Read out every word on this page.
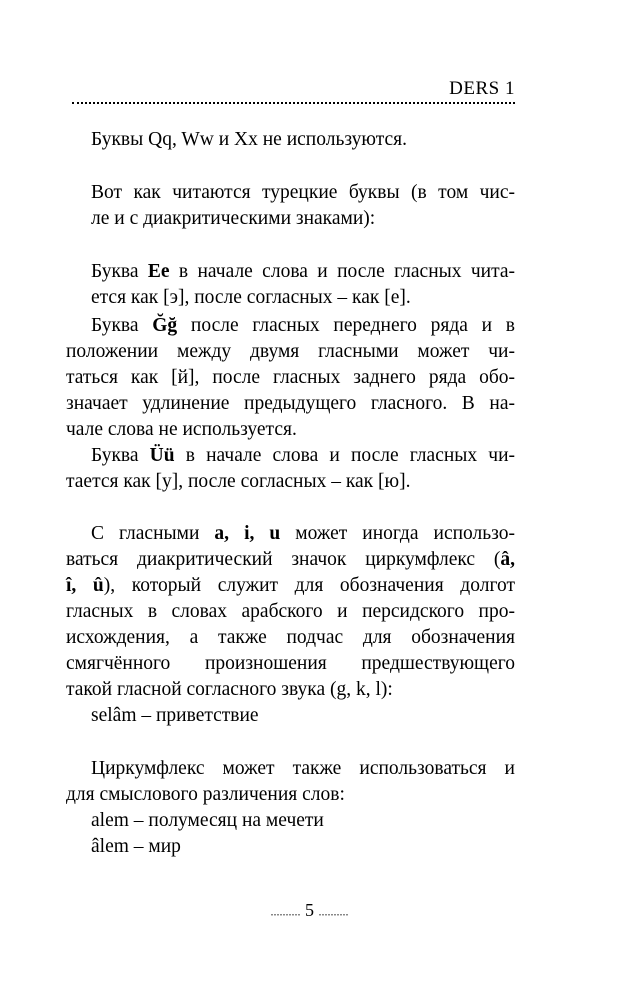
DERS 1

Буквы Qq, Ww и Xx не используются.

Вот как читаются турецкие буквы (в том чис-

ле и с диакритическими знаками):

Буква Ee в начале слова и после гласных чита-

ется как [э], после согласных – как [е].

Буква Ğğ после гласных переднего ряда и в

положении между двумя гласными может чи-

таться как [й], после гласных заднего ряда обо-

значает удлинение предыдущего гласного. В на-

чале слова не используется.

Буква Üü в начале слова и после гласных чи-

тается как [у], после согласных – как [ю].

С гласными a, i, u может иногда использо-

ваться диакритический значок циркумфлекс (â,

î, û), который служит для обозначения долгот

гласных в словах арабского и персидского про-

исхождения, а также подчас для обозначения

смягчённого произношения предшествующего

такой гласной согласного звука (g, k, l):

selâm – приветствие

Циркумфлекс может также использоваться и

для смыслового различения слов:

alem – полумесяц на мечети

âlem – мир

.......... 5 ..........
